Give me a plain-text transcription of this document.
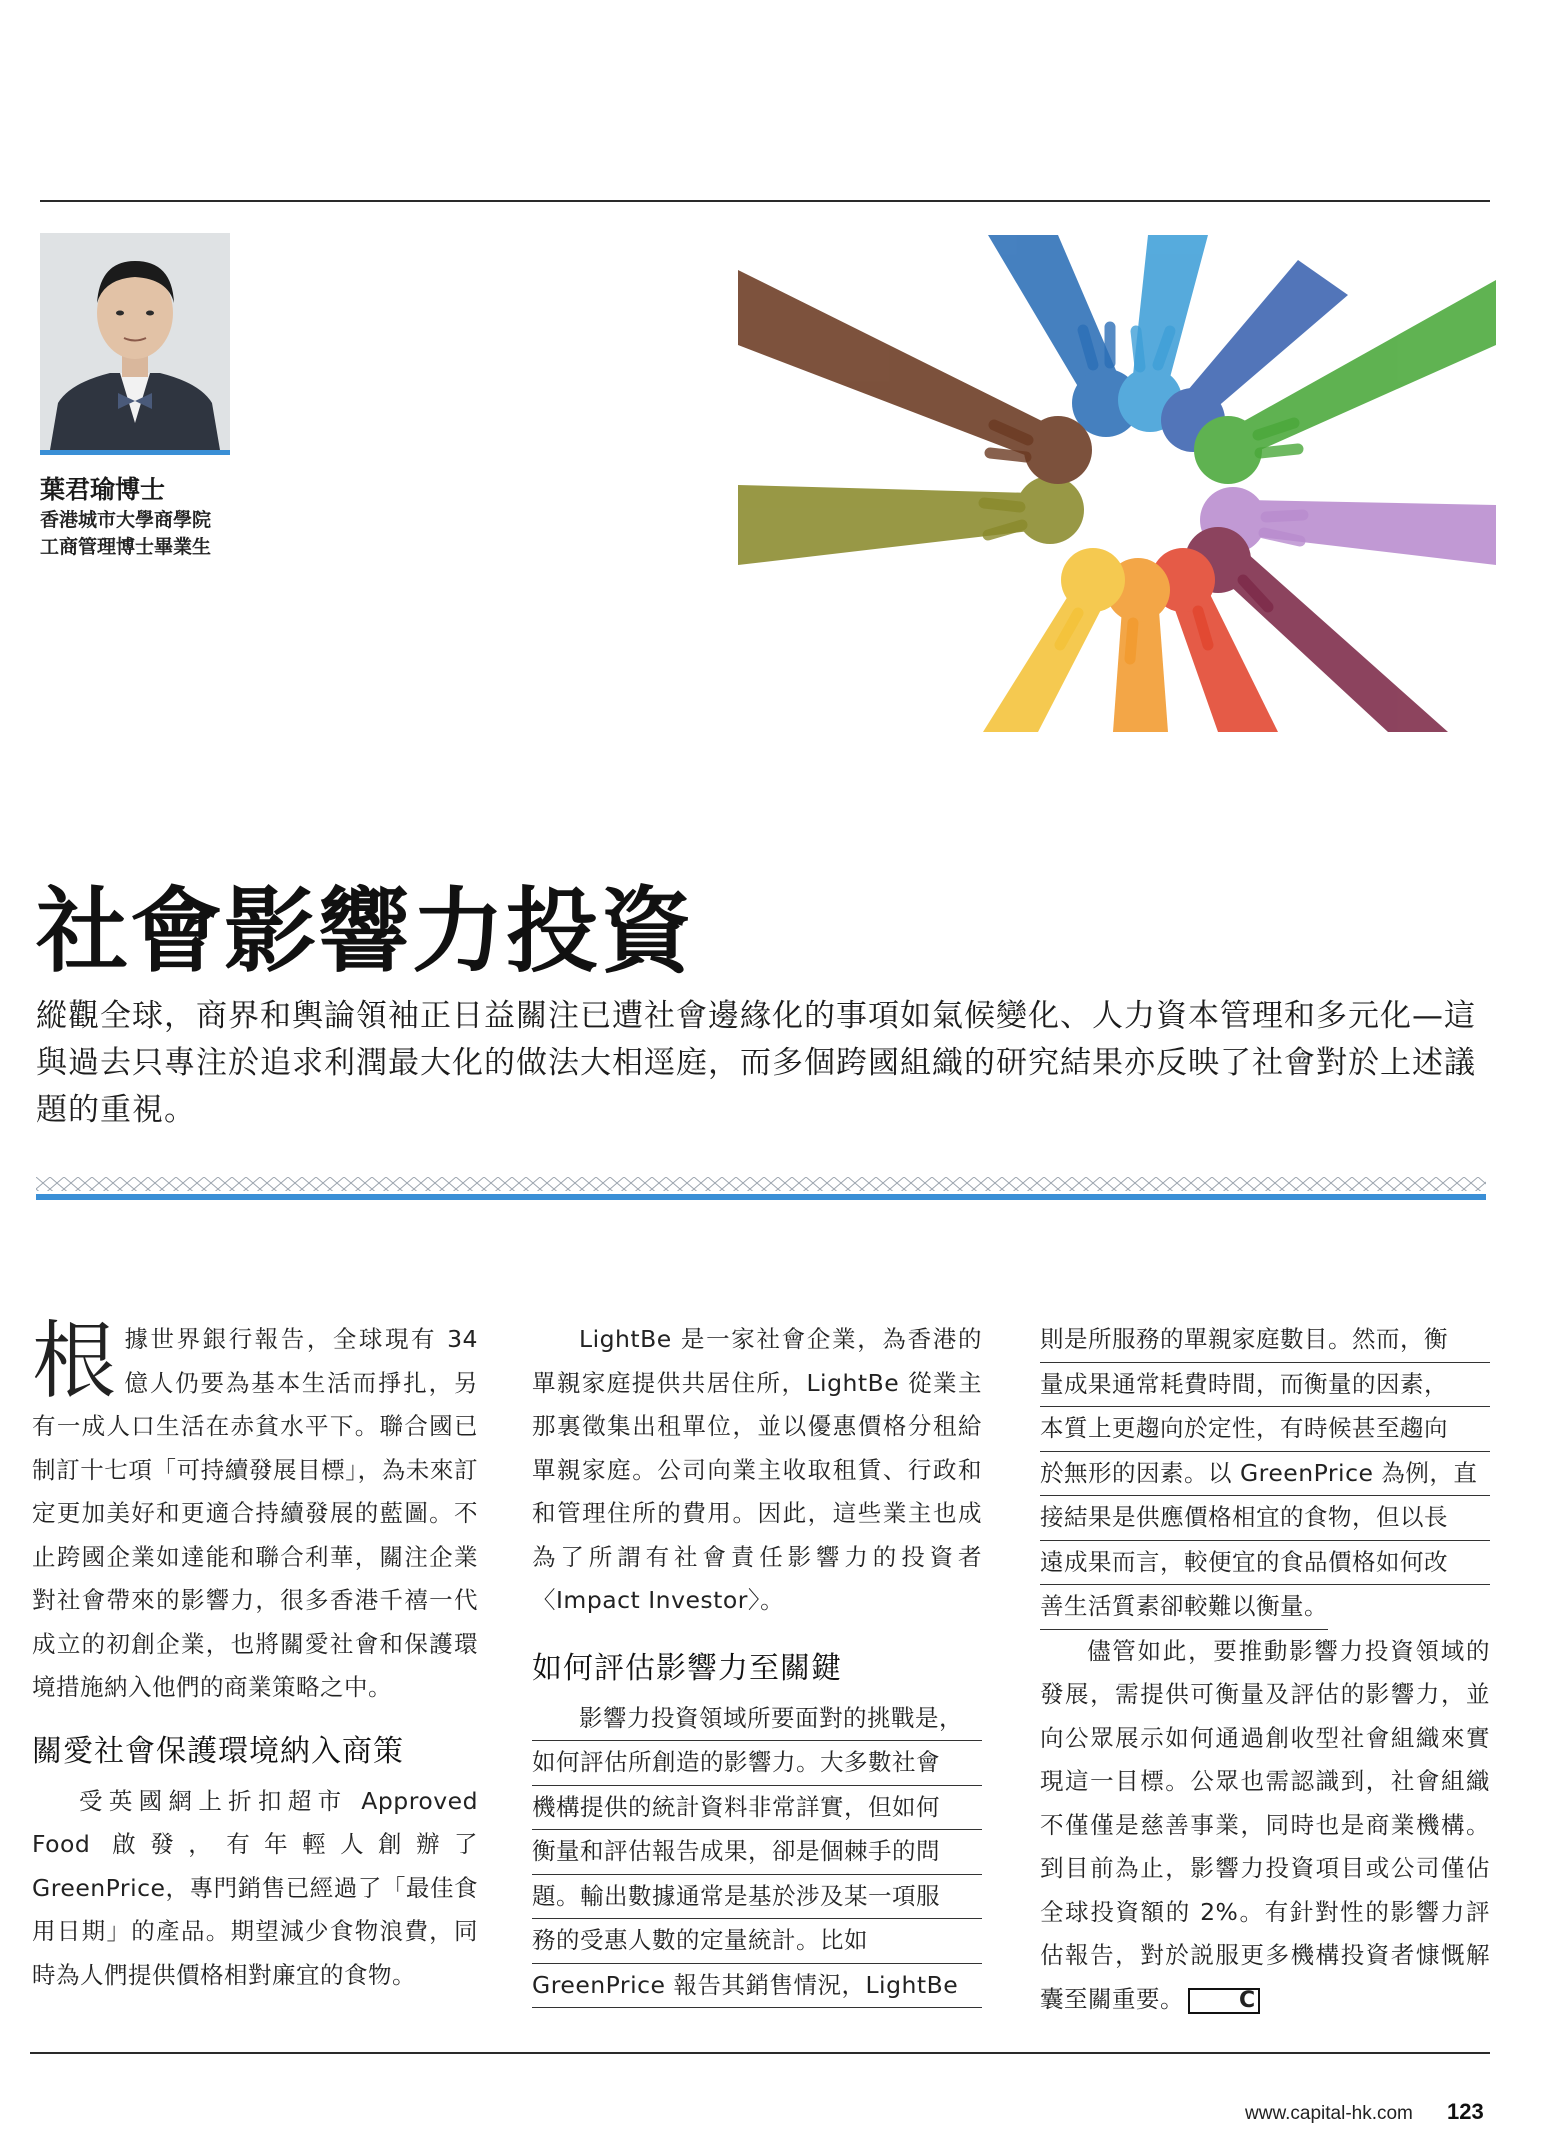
葉君瑜博士
香港城市大學商學院
工商管理博士畢業生
社會影響力投資
縱觀全球，商界和輿論領袖正日益關注已遭社會邊緣化的事項如氣候變化、人力資本管理和多元化—這與過去只專注於追求利潤最大化的做法大相逕庭，而多個跨國組織的研究結果亦反映了社會對於上述議題的重視。

根 據世界銀行報告，全球現有 34 億人仍要為基本生活而掙扎，另有一成人口生活在赤貧水平下。聯合國已制訂十七項「可持續發展目標」，為未來訂定更加美好和更適合持續發展的藍圖。不止跨國企業如達能和聯合利華，關注企業對社會帶來的影響力，很多香港千禧一代成立的初創企業，也將關愛社會和保護環境措施納入他們的商業策略之中。

關愛社會保護環境納入商策

受英國網上折扣超市 Approved Food 啟發，有年輕人創辦了 GreenPrice，專門銷售已經過了「最佳食用日期」的產品。期望減少食物浪費，同時為人們提供價格相對廉宜的食物。

LightBe 是一家社會企業，為香港的單親家庭提供共居住所，LightBe 從業主那裏徵集出租單位，並以優惠價格分租給單親家庭。公司向業主收取租賃、行政和和管理住所的費用。因此，這些業主也成為了所謂有社會責任影響力的投資者〈Impact Investor〉。

如何評估影響力至關鍵
影響力投資領域所要面對的挑戰是，
如何評估所創造的影響力。大多數社會
機構提供的統計資料非常詳實，但如何
衡量和評估報告成果，卻是個棘手的問
題。輸出數據通常是基於涉及某一項服
務的受惠人數的定量統計。比如
GreenPrice 報告其銷售情況，LightBe
則是所服務的單親家庭數目。然而，衡
量成果通常耗費時間，而衡量的因素，
本質上更趨向於定性，有時候甚至趨向
於無形的因素。以 GreenPrice 為例，直
接結果是供應價格相宜的食物，但以長
遠成果而言，較便宜的食品價格如何改
善生活質素卻較難以衡量。

儘管如此，要推動影響力投資領域的發展，需提供可衡量及評估的影響力，並向公眾展示如何通過創收型社會組織來實現這一目標。公眾也需認識到，社會組織不僅僅是慈善事業，同時也是商業機構。到目前為止，影響力投資項目或公司僅佔全球投資額的 2%。有針對性的影響力評估報告，對於説服更多機構投資者慷慨解囊至關重要。	C

www.capital-hk.com 123
